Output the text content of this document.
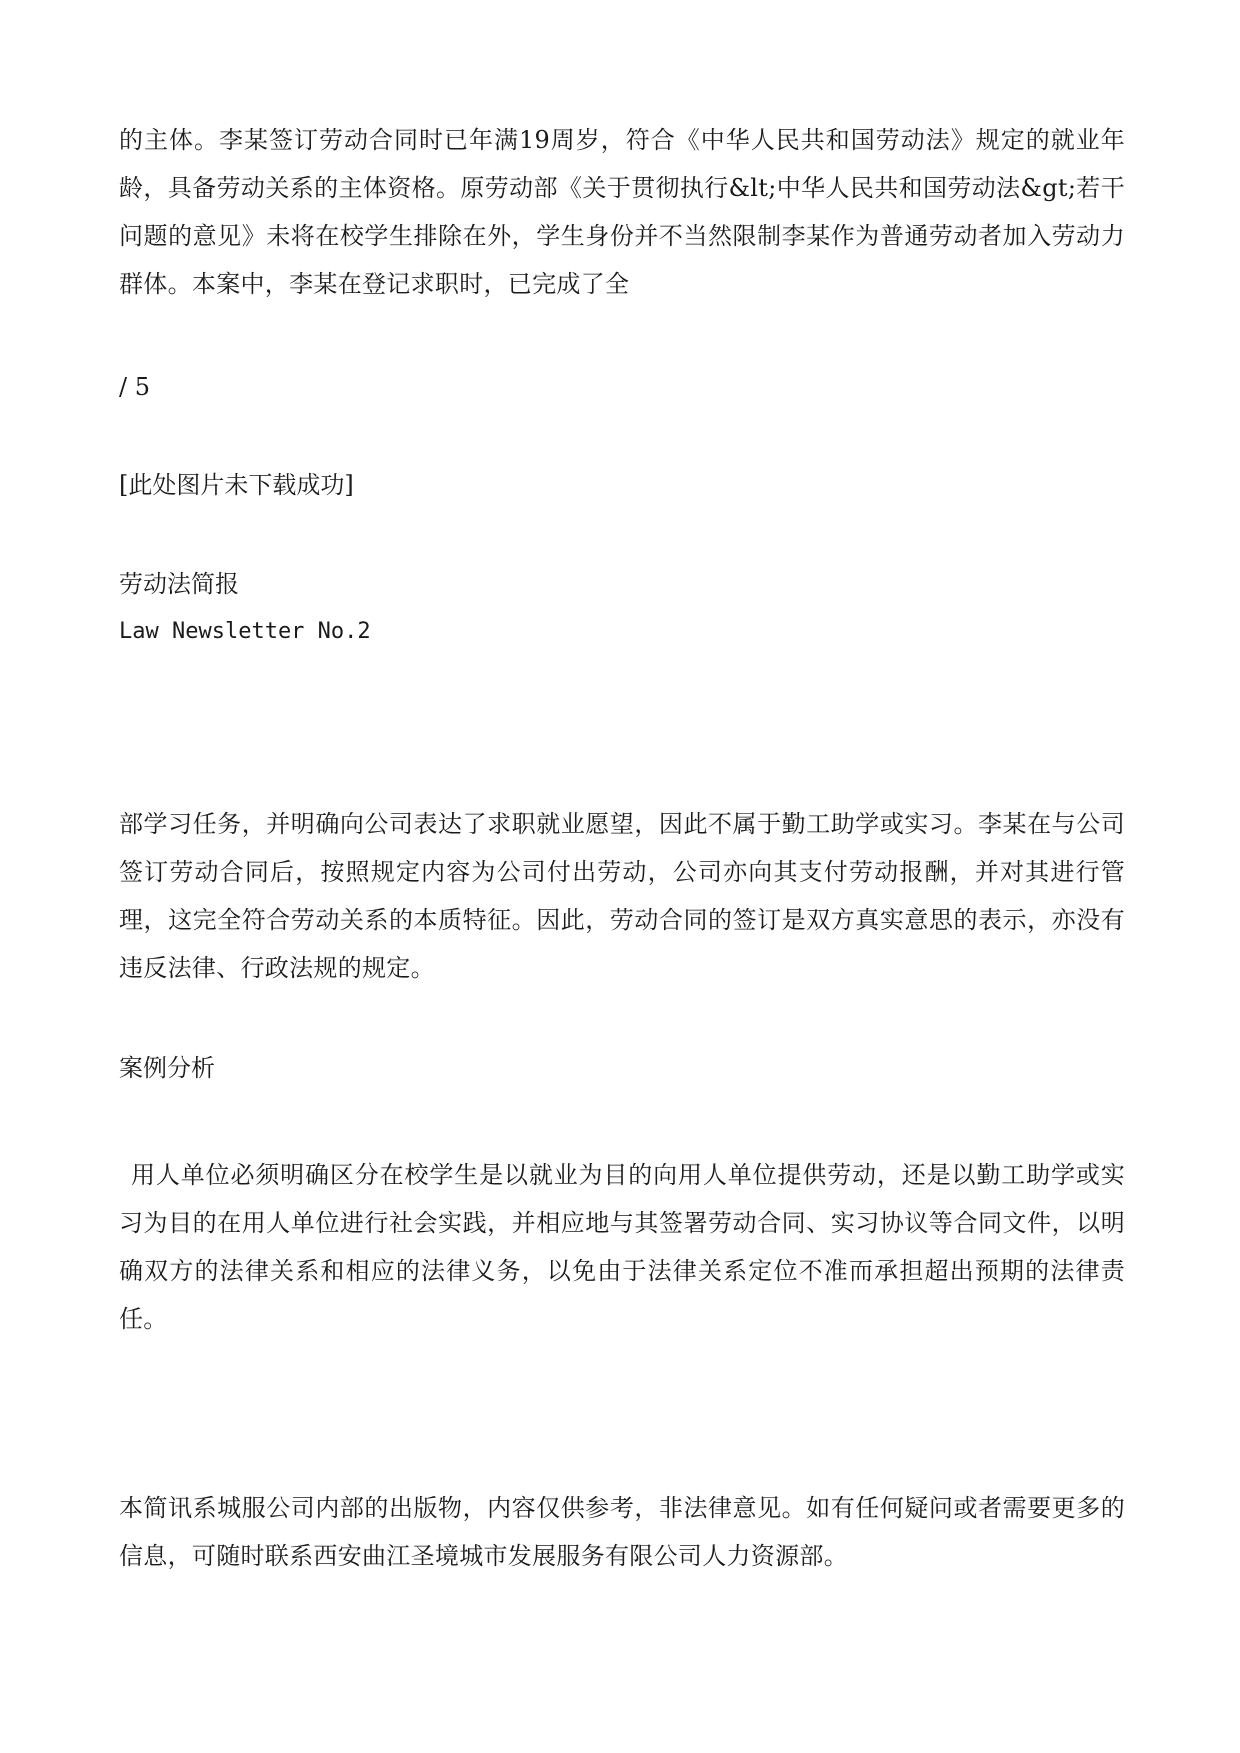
的主体。李某签订劳动合同时已年满19周岁，符合《中华人民共和国劳动法》规定的就业年龄，具备劳动关系的主体资格。原劳动部《关于贯彻执行&lt;中华人民共和国劳动法&gt;若干问题的意见》未将在校学生排除在外，学生身份并不当然限制李某作为普通劳动者加入劳动力群体。本案中，李某在登记求职时，已完成了全

/ 5

[此处图片未下载成功]

劳动法简报

Law Newsletter No.2

部学习任务，并明确向公司表达了求职就业愿望，因此不属于勤工助学或实习。李某在与公司签订劳动合同后，按照规定内容为公司付出劳动，公司亦向其支付劳动报酬，并对其进行管理，这完全符合劳动关系的本质特征。因此，劳动合同的签订是双方真实意思的表示，亦没有违反法律、行政法规的规定。

案例分析

用人单位必须明确区分在校学生是以就业为目的向用人单位提供劳动，还是以勤工助学或实习为目的在用人单位进行社会实践，并相应地与其签署劳动合同、实习协议等合同文件，以明确双方的法律关系和相应的法律义务，以免由于法律关系定位不准而承担超出预期的法律责任。

本简讯系城服公司内部的出版物，内容仅供参考，非法律意见。如有任何疑问或者需要更多的信息，可随时联系西安曲江圣境城市发展服务有限公司人力资源部。
